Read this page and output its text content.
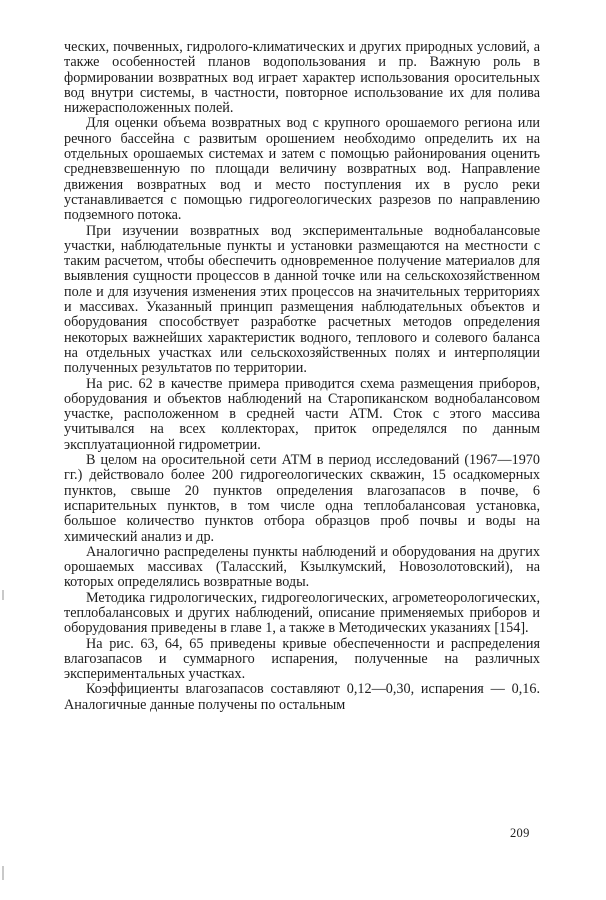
ческих, почвенных, гидролого-климатических и других природных условий, а также особенностей планов водопользования и пр. Важную роль в формировании возвратных вод играет характер использования оросительных вод внутри системы, в частности, повторное использование их для полива нижерасположенных полей.

Для оценки объема возвратных вод с крупного орошаемого региона или речного бассейна с развитым орошением необходимо определить их на отдельных орошаемых системах и затем с помощью районирования оценить средневзвешенную по площади величину возвратных вод. Направление движения возвратных вод и место поступления их в русло реки устанавливается с помощью гидрогеологических разрезов по направлению подземного потока.

При изучении возвратных вод экспериментальные воднобалансовые участки, наблюдательные пункты и установки размещаются на местности с таким расчетом, чтобы обеспечить одновременное получение материалов для выявления сущности процессов в данной точке или на сельскохозяйственном поле и для изучения изменения этих процессов на значительных территориях и массивах. Указанный принцип размещения наблюдательных объектов и оборудования способствует разработке расчетных методов определения некоторых важнейших характеристик водного, теплового и солевого баланса на отдельных участках или сельскохозяйственных полях и интерполяции полученных результатов по территории.

На рис. 62 в качестве примера приводится схема размещения приборов, оборудования и объектов наблюдений на Старопиканском воднобалансовом участке, расположенном в средней части АТМ. Сток с этого массива учитывался на всех коллекторах, приток определялся по данным эксплуатационной гидрометрии.

В целом на оросительной сети АТМ в период исследований (1967—1970 гг.) действовало более 200 гидрогеологических скважин, 15 осадкомерных пунктов, свыше 20 пунктов определения влагозапасов в почве, 6 испарительных пунктов, в том числе одна теплобалансовая установка, большое количество пунктов отбора образцов проб почвы и воды на химический анализ и др.

Аналогично распределены пункты наблюдений и оборудования на других орошаемых массивах (Таласский, Кзылкумский, Новозолотовский), на которых определялись возвратные воды.

Методика гидрологических, гидрогеологических, агрометеорологических, теплобалансовых и других наблюдений, описание применяемых приборов и оборудования приведены в главе 1, а также в Методических указаниях [154].

На рис. 63, 64, 65 приведены кривые обеспеченности и распределения влагозапасов и суммарного испарения, полученные на различных экспериментальных участках.

Коэффициенты влагозапасов составляют 0,12—0,30, испарения — 0,16. Аналогичные данные получены по остальным

209
